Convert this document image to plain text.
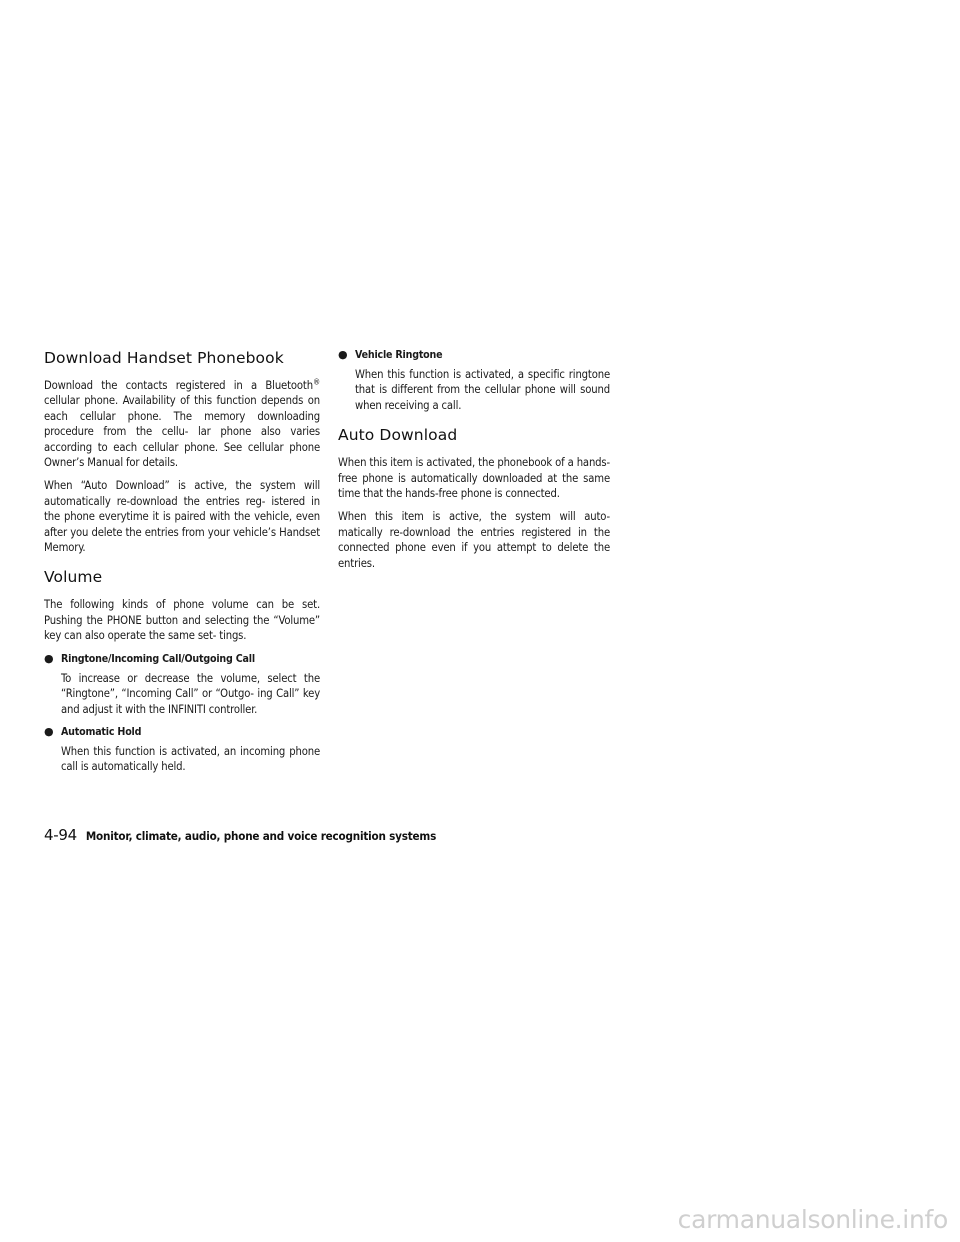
Download Handset Phonebook

Download the contacts registered in a Bluetooth® cellular phone. Availability of this function depends on each cellular phone. The memory downloading procedure from the cellu- lar phone also varies according to each cellular phone. See cellular phone Owner’s Manual for details.

When “Auto Download” is active, the system will automatically re-download the entries reg- istered in the phone everytime it is paired with the vehicle, even after you delete the entries from your vehicle’s Handset Memory.

Volume

The following kinds of phone volume can be set. Pushing the PHONE button and selecting the “Volume” key can also operate the same set- tings.

● Ringtone/Incoming Call/Outgoing Call

To increase or decrease the volume, select the “Ringtone”, “Incoming Call” or “Outgo- ing Call” key and adjust it with the INFINITI controller.

● Automatic Hold

When this function is activated, an incoming phone call is automatically held.

● Vehicle Ringtone

When this function is activated, a specific ringtone that is different from the cellular phone will sound when receiving a call.

Auto Download

When this item is activated, the phonebook of a hands-free phone is automatically downloaded at the same time that the hands-free phone is connected.

When this item is active, the system will auto- matically re-download the entries registered in the connected phone even if you attempt to delete the entries.

4-94 Monitor, climate, audio, phone and voice recognition systems
carmanualsonline.info
